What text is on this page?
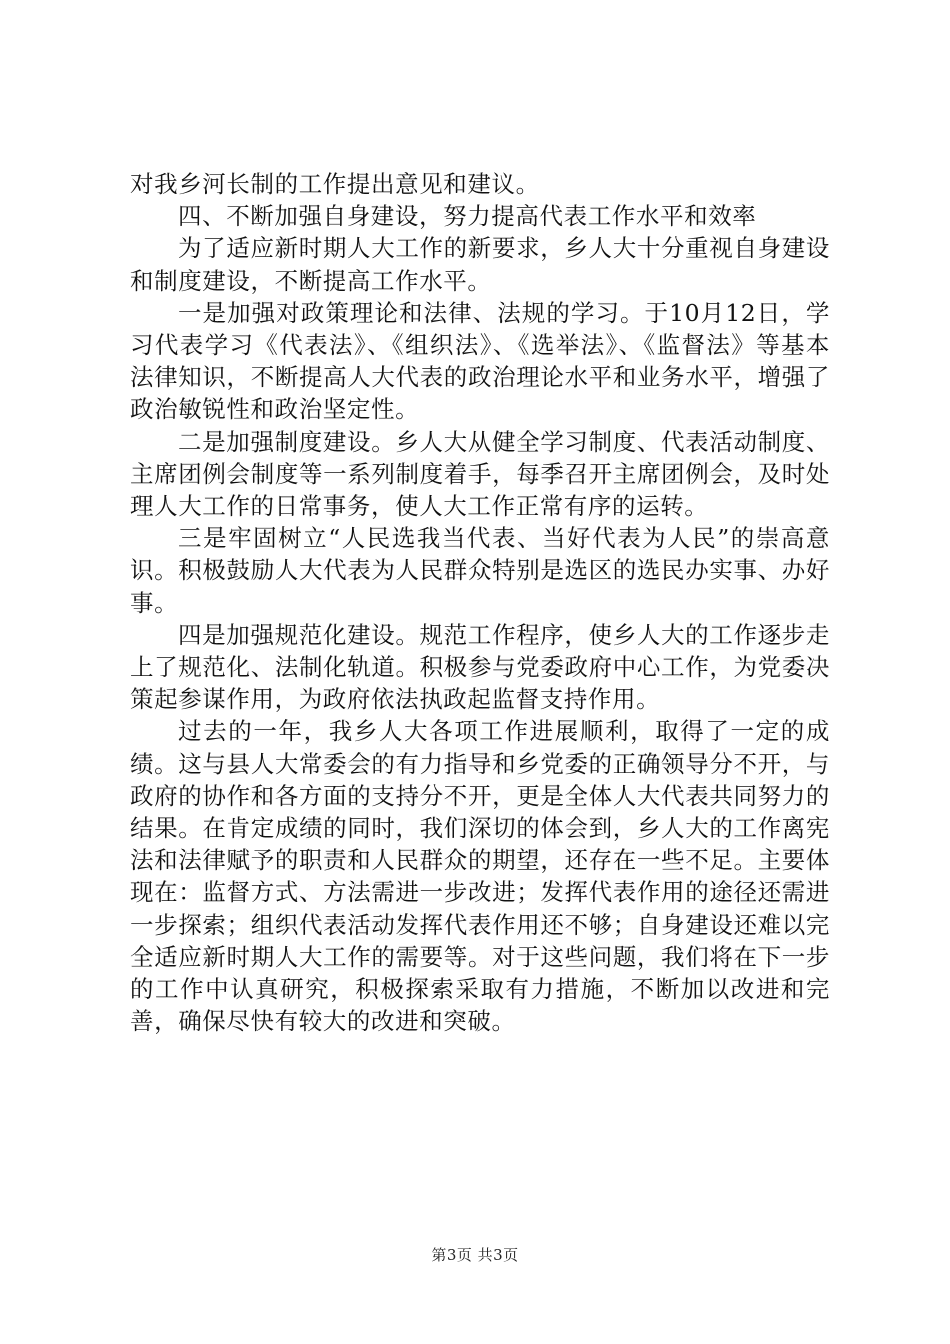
对我乡河长制的工作提出意见和建议。

四、不断加强自身建设，努力提高代表工作水平和效率

为了适应新时期人大工作的新要求，乡人大十分重视自身建设和制度建设，不断提高工作水平。

一是加强对政策理论和法律、法规的学习。于10月12日，学习代表学习《代表法》、《组织法》、《选举法》、《监督法》等基本法律知识，不断提高人大代表的政治理论水平和业务水平，增强了政治敏锐性和政治坚定性。

二是加强制度建设。乡人大从健全学习制度、代表活动制度、主席团例会制度等一系列制度着手，每季召开主席团例会，及时处理人大工作的日常事务，使人大工作正常有序的运转。

三是牢固树立“人民选我当代表、当好代表为人民”的崇高意识。积极鼓励人大代表为人民群众特别是选区的选民办实事、办好事。

四是加强规范化建设。规范工作程序，使乡人大的工作逐步走上了规范化、法制化轨道。积极参与党委政府中心工作，为党委决策起参谋作用，为政府依法执政起监督支持作用。

过去的一年，我乡人大各项工作进展顺利，取得了一定的成绩。这与县人大常委会的有力指导和乡党委的正确领导分不开，与政府的协作和各方面的支持分不开，更是全体人大代表共同努力的结果。在肯定成绩的同时，我们深切的体会到，乡人大的工作离宪法和法律赋予的职责和人民群众的期望，还存在一些不足。主要体现在：监督方式、方法需进一步改进；发挥代表作用的途径还需进一步探索；组织代表活动发挥代表作用还不够；自身建设还难以完全适应新时期人大工作的需要等。对于这些问题，我们将在下一步的工作中认真研究，积极探索采取有力措施，不断加以改进和完善，确保尽快有较大的改进和突破。

第3页 共3页
